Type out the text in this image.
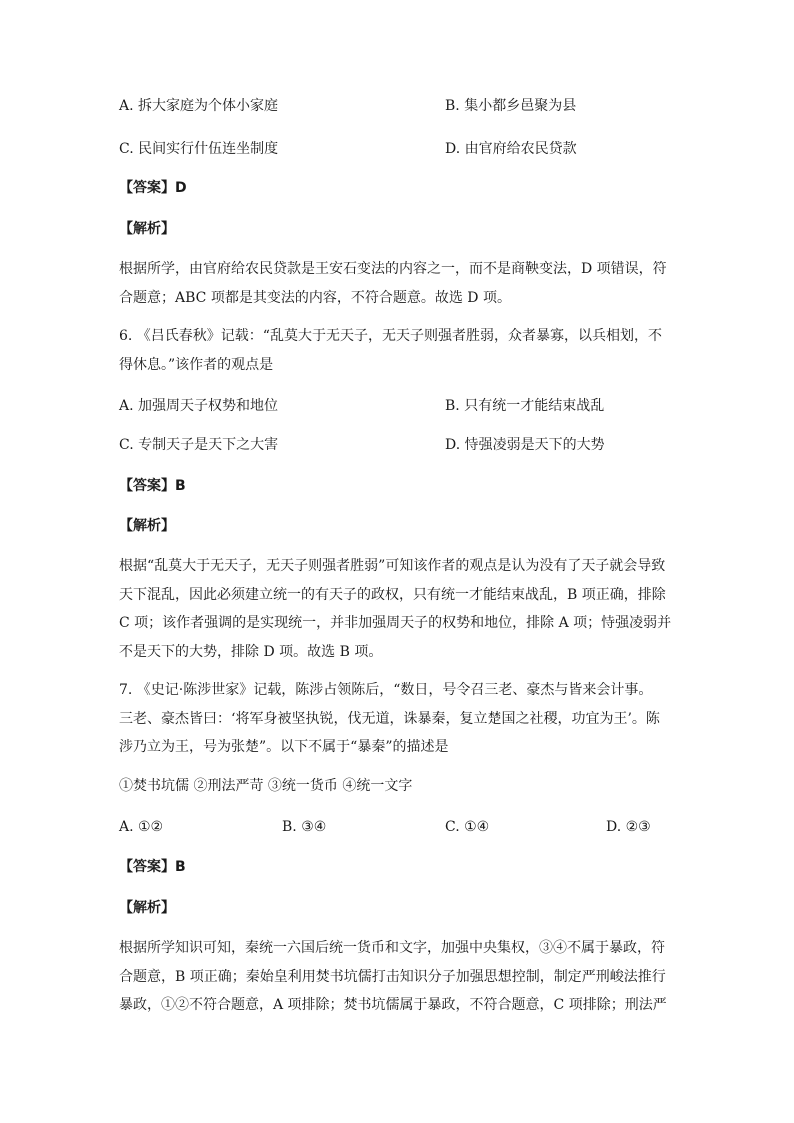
A. 拆大家庭为个体小家庭	B. 集小都乡邑聚为县
C. 民间实行什伍连坐制度	D. 由官府给农民贷款
【答案】D
【解析】
根据所学，由官府给农民贷款是王安石变法的内容之一，而不是商鞅变法，D 项错误，符
合题意；ABC 项都是其变法的内容，不符合题意。故选 D 项。
6. 《吕氏春秋》记载：“乱莫大于无天子，无天子则强者胜弱，众者暴寡，以兵相划，不
得休息。”该作者的观点是
A. 加强周天子权势和地位	B. 只有统一才能结束战乱
C. 专制天子是天下之大害	D. 恃强凌弱是天下的大势
【答案】B
【解析】
根据“乱莫大于无天子，无天子则强者胜弱”可知该作者的观点是认为没有了天子就会导致
天下混乱，因此必须建立统一的有天子的政权，只有统一才能结束战乱，B 项正确，排除
C 项；该作者强调的是实现统一，并非加强周天子的权势和地位，排除 A 项；恃强凌弱并
不是天下的大势，排除 D 项。故选 B 项。
7. 《史记·陈涉世家》记载，陈涉占领陈后，“数日，号令召三老、豪杰与皆来会计事。
三老、豪杰皆曰：‘将军身被坚执锐，伐无道，诛暴秦，复立楚国之社稷，功宜为王’。陈
涉乃立为王，号为张楚”。以下不属于“暴秦”的描述是
①焚书坑儒 ②刑法严苛 ③统一货币 ④统一文字
A. ①②	B. ③④	C. ①④	D. ②③
【答案】B
【解析】
根据所学知识可知，秦统一六国后统一货币和文字，加强中央集权，③④不属于暴政，符
合题意，B 项正确；秦始皇利用焚书坑儒打击知识分子加强思想控制，制定严刑峻法推行
暴政，①②不符合题意，A 项排除；焚书坑儒属于暴政，不符合题意，C 项排除；刑法严
